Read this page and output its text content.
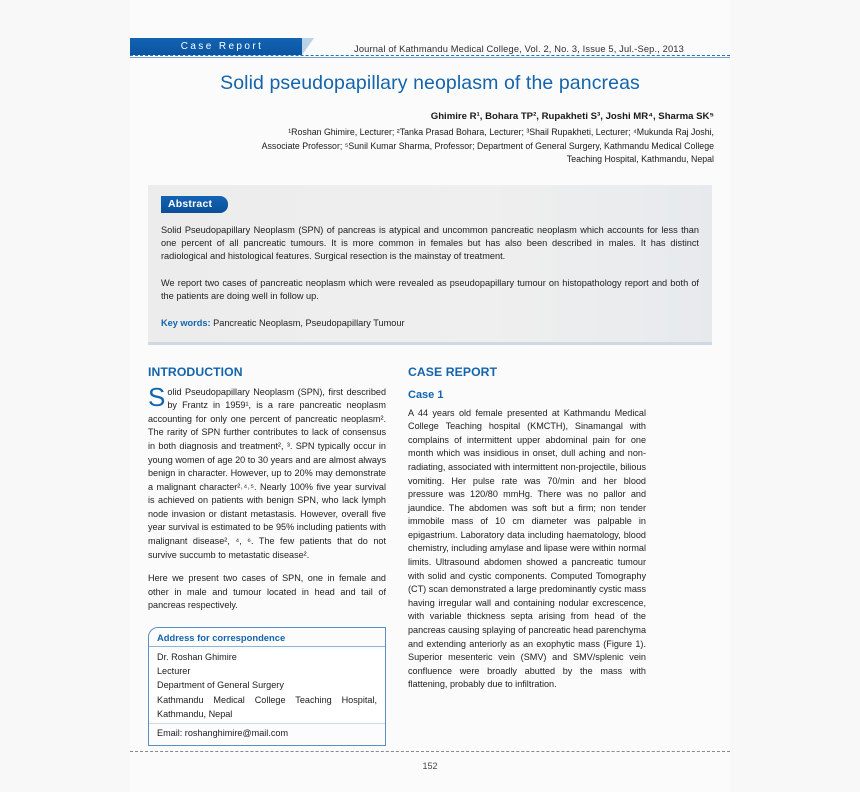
Case Report	Journal of Kathmandu Medical College, Vol. 2, No. 3, Issue 5, Jul.-Sep., 2013
Solid pseudopapillary neoplasm of the pancreas
Ghimire R¹, Bohara TP², Rupakheti S³, Joshi MR⁴, Sharma SK⁵
¹Roshan Ghimire, Lecturer; ²Tanka Prasad Bohara, Lecturer; ³Shail Rupakheti, Lecturer; ⁴Mukunda Raj Joshi,
Associate Professor; ⁵Sunil Kumar Sharma, Professor; Department of General Surgery, Kathmandu Medical College
Teaching Hospital, Kathmandu, Nepal
Abstract

Solid Pseudopapillary Neoplasm (SPN) of pancreas is atypical and uncommon pancreatic neoplasm which accounts for less than one percent of all pancreatic tumours. It is more common in females but has also been described in males. It has distinct radiological and histological features. Surgical resection is the mainstay of treatment.

We report two cases of pancreatic neoplasm which were revealed as pseudopapillary tumour on histopathology report and both of the patients are doing well in follow up.

Key words: Pancreatic Neoplasm, Pseudopapillary Tumour

INTRODUCTION

Solid Pseudopapillary Neoplasm (SPN), first described by Frantz in 1959¹, is a rare pancreatic neoplasm accounting for only one percent of pancreatic neoplasm². The rarity of SPN further contributes to lack of consensus in both diagnosis and treatment², ³. SPN typically occur in young women of age 20 to 30 years and are almost always benign in character. However, up to 20% may demonstrate a malignant character²˒⁴˒⁵. Nearly 100% five year survival is achieved on patients with benign SPN, who lack lymph node invasion or distant metastasis. However, overall five year survival is estimated to be 95% including patients with malignant disease², ⁴, ⁶. The few patients that do not survive succumb to metastatic disease².

Here we present two cases of SPN, one in female and other in male and tumour located in head and tail of pancreas respectively.

Address for correspondence
Dr. Roshan Ghimire
Lecturer
Department of General Surgery
Kathmandu Medical College Teaching Hospital,
Kathmandu, Nepal
Email: roshanghimire@mail.com
CASE REPORT
Case 1

A 44 years old female presented at Kathmandu Medical College Teaching hospital (KMCTH), Sinamangal with complains of intermittent upper abdominal pain for one month which was insidious in onset, dull aching and non-radiating, associated with intermittent non-projectile, bilious vomiting. Her pulse rate was 70/min and her blood pressure was 120/80 mmHg. There was no pallor and jaundice. The abdomen was soft but a firm; non tender immobile mass of 10 cm diameter was palpable in epigastrium. Laboratory data including haematology, blood chemistry, including amylase and lipase were within normal limits. Ultrasound abdomen showed a pancreatic tumour with solid and cystic components. Computed Tomography (CT) scan demonstrated a large predominantly cystic mass having irregular wall and containing nodular excrescence, with variable thickness septa arising from head of the pancreas causing splaying of pancreatic head parenchyma and extending anteriorly as an exophytic mass (Figure 1). Superior mesenteric vein (SMV) and SMV/splenic vein confluence were broadly abutted by the mass with flattening, probably due to infiltration.

152
